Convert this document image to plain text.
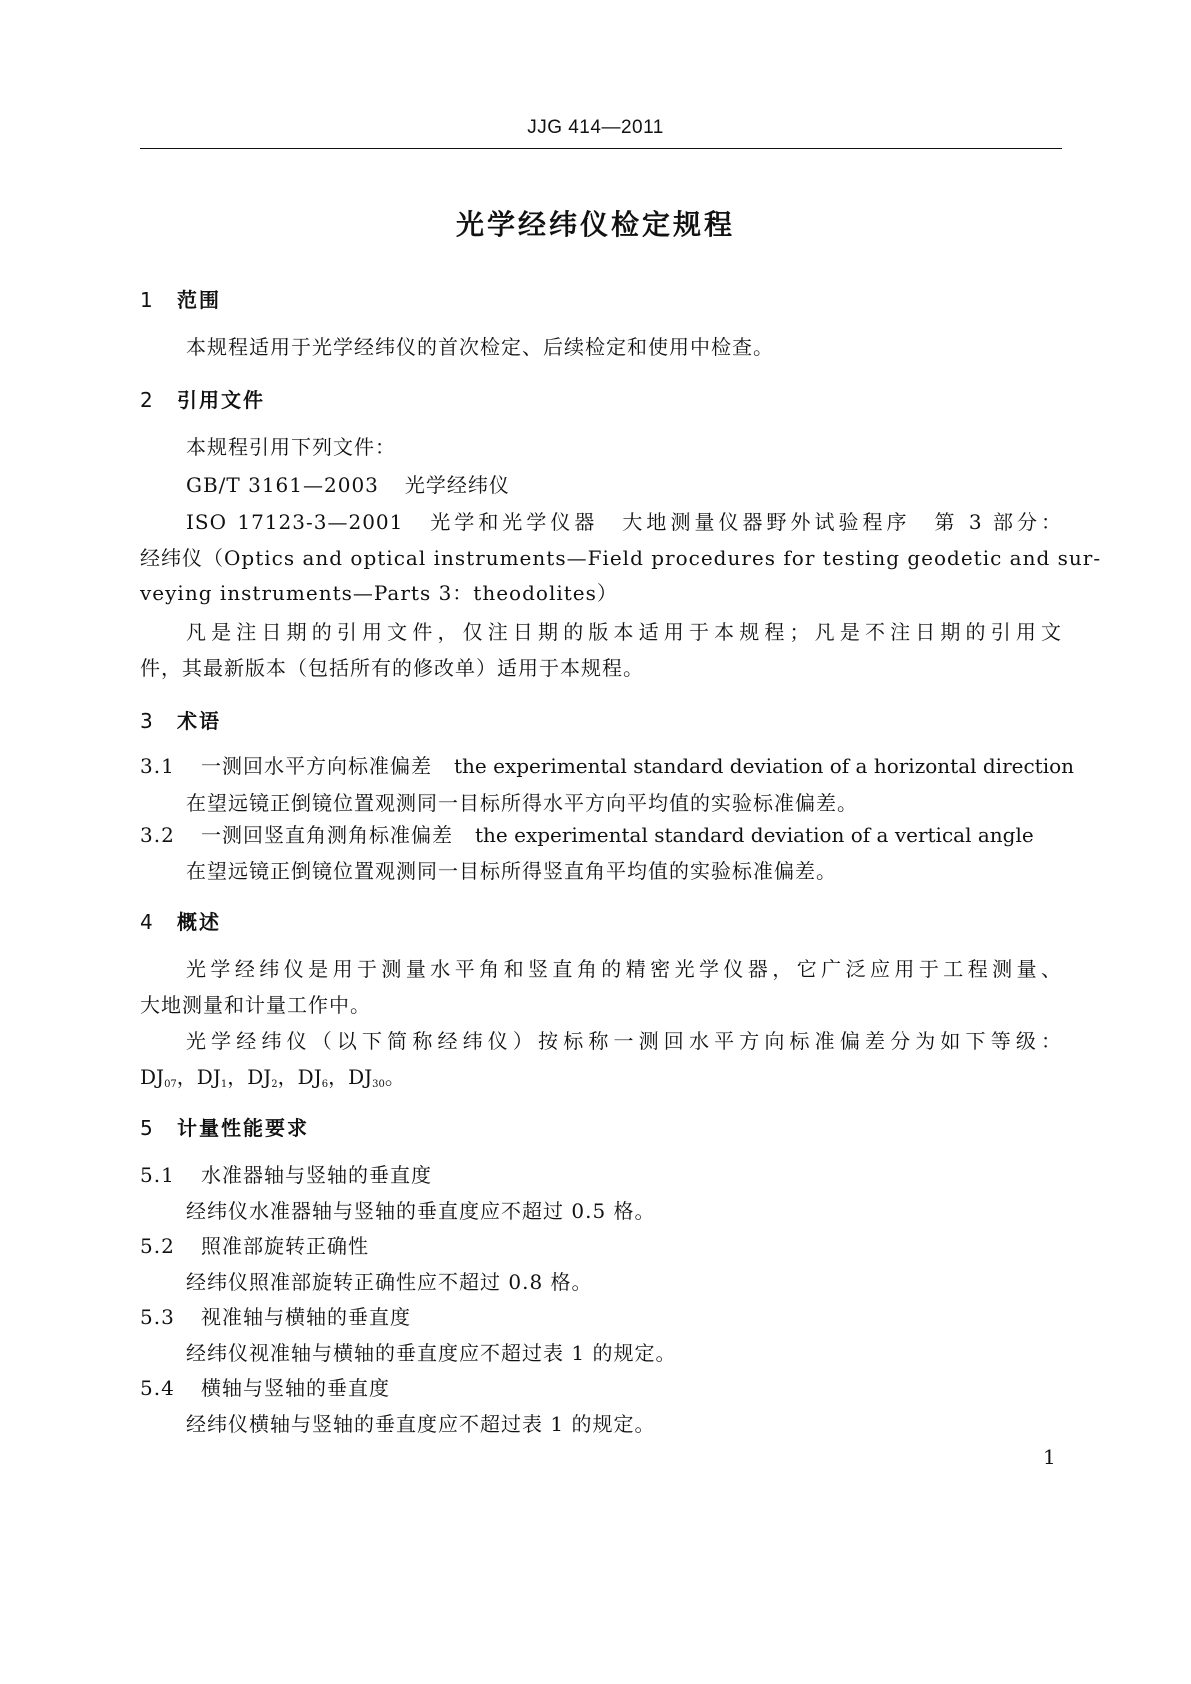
JJG 414—2011
光学经纬仪检定规程
1 范围
本规程适用于光学经纬仪的首次检定、后续检定和使用中检查。
2 引用文件
本规程引用下列文件：
GB/T 3161—2003 光学经纬仪
ISO 17123-3—2001　光学和光学仪器　大地测量仪器野外试验程序　第 3 部分：
经纬仪（Optics and optical instruments—Field procedures for testing geodetic and sur-
veying instruments—Parts 3：theodolites）
凡是注日期的引用文件，仅注日期的版本适用于本规程；凡是不注日期的引用文
件，其最新版本（包括所有的修改单）适用于本规程。
3 术语
3.1 一测回水平方向标准偏差 the experimental standard deviation of a horizontal direction
在望远镜正倒镜位置观测同一目标所得水平方向平均值的实验标准偏差。
3.2 一测回竖直角测角标准偏差 the experimental standard deviation of a vertical angle
在望远镜正倒镜位置观测同一目标所得竖直角平均值的实验标准偏差。
4 概述
光学经纬仪是用于测量水平角和竖直角的精密光学仪器，它广泛应用于工程测量、
大地测量和计量工作中。
光学经纬仪（以下简称经纬仪）按标称一测回水平方向标准偏差分为如下等级：
$DJ_{07}$，$DJ_1$，$DJ_2$，$DJ_6$，$DJ_{30}$。
5 计量性能要求
5.1 水准器轴与竖轴的垂直度
经纬仪水准器轴与竖轴的垂直度应不超过 0.5 格。
5.2 照准部旋转正确性
经纬仪照准部旋转正确性应不超过 0.8 格。
5.3 视准轴与横轴的垂直度
经纬仪视准轴与横轴的垂直度应不超过表 1 的规定。
5.4 横轴与竖轴的垂直度
经纬仪横轴与竖轴的垂直度应不超过表 1 的规定。
1
